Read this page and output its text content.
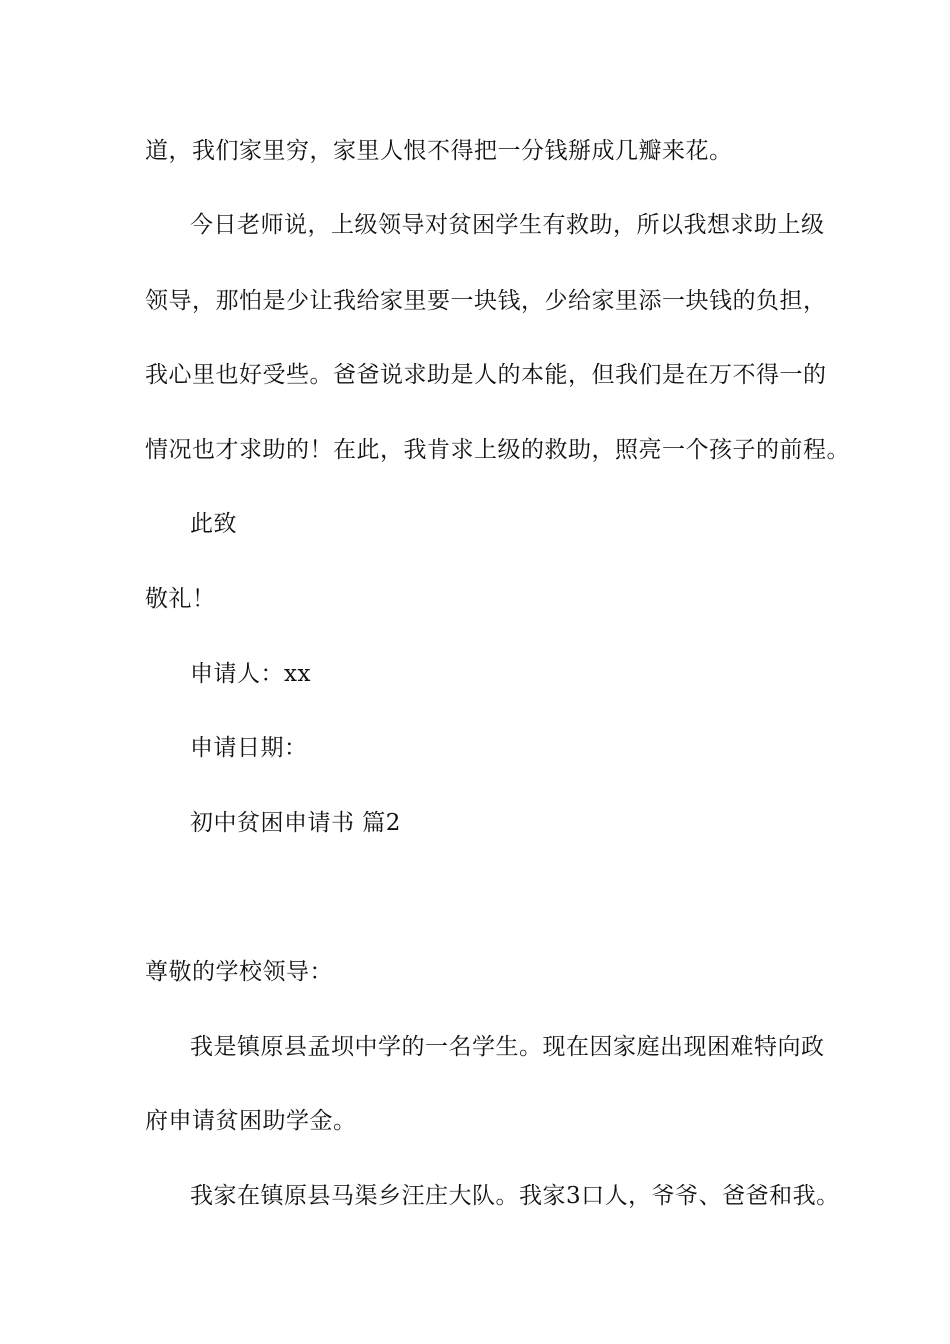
道，我们家里穷，家里人恨不得把一分钱掰成几瓣来花。
今日老师说，上级领导对贫困学生有救助，所以我想求助上级
领导，那怕是少让我给家里要一块钱，少给家里添一块钱的负担，
我心里也好受些。爸爸说求助是人的本能，但我们是在万不得一的
情况也才求助的！在此，我肯求上级的救助，照亮一个孩子的前程。
此致
敬礼！
申请人：xx
申请日期：
初中贫困申请书 篇2
尊敬的学校领导：
我是镇原县孟坝中学的一名学生。现在因家庭出现困难特向政
府申请贫困助学金。
我家在镇原县马渠乡汪庄大队。我家3口人，爷爷、爸爸和我。
